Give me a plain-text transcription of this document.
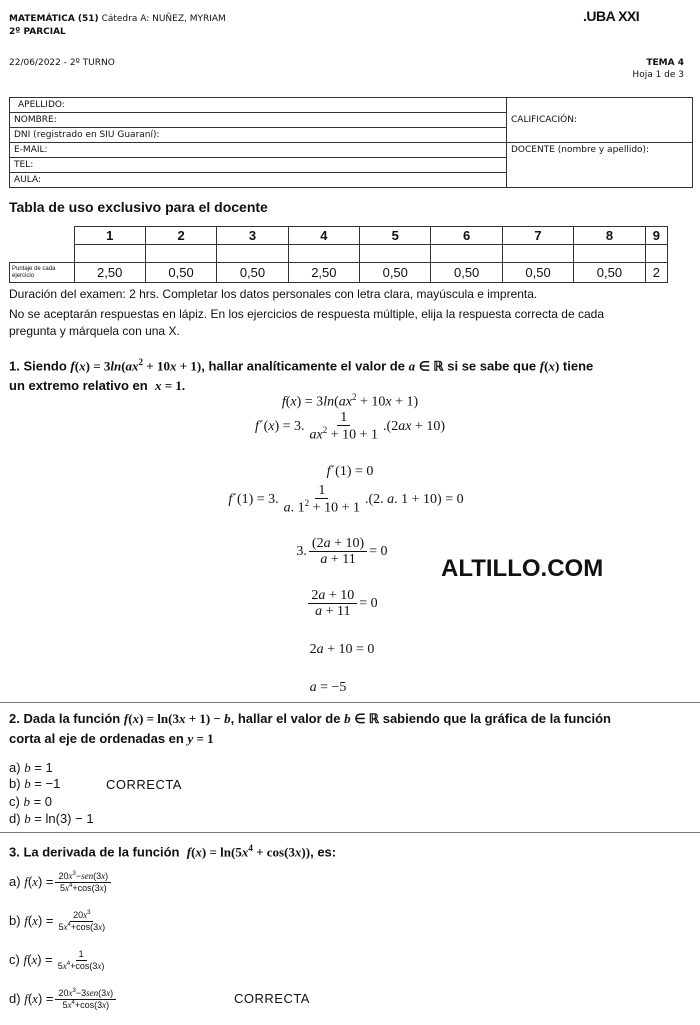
MATEMÁTICA (51) Cátedra A: NUÑEZ, MYRIAM
2º PARCIAL
22/06/2022 - 2º TURNO
.UBA XXI
TEMA 4
Hoja 1 de 3
APELLIDO:	CALIFICACIÓN:
NOMBRE:	
DNI (registrado en SIU Guaraní):	
E-MAIL:	DOCENTE (nombre y apellido):
TEL:	
AULA:	
Tabla de uso exclusivo para el docente
	1	2	3	4	5	6	7	8	9

Puntaje de cada ejercicio	2,50	0,50	0,50	2,50	0,50	0,50	0,50	0,50	2
Duración del examen: 2 hrs. Completar los datos personales con letra clara, mayúscula e imprenta.
No se aceptarán respuestas en lápiz. En los ejercicios de respuesta múltiple, elija la respuesta correcta de cada
pregunta y márquela con una X.
1. Siendo $f(x) = 3\ln(ax^2 + 10x + 1)$, hallar analíticamente el valor de a ∈ ℝ si se sabe que f(x) tiene
un extremo relativo en x = 1.
$f(x) = 3\ln(ax^2 + 10x + 1)$
f´(x) = 3. $\frac{1}{ax^2 + 10 + 1} .(2ax + 10)$
f´(1) = 0
f´(1) = 3. $\frac{1}{a. 1^2 + 10 + 1} .(2$. a. 1 + 10) = 0
3. $\frac{(2a + 10)}{a + 11} = 0$
$\frac{2a + 10}{a + 11} = 0$
2a + 10 = 0
a = −5
ALTILLO.COM
2. Dada la función f(x) = ln(3x + 1) − b, hallar el valor de b ∈ ℝ sabiendo que la gráfica de la función
corta al eje de ordenadas en y = 1
a) b = 1
b) b = −1	CORRECTA
c) b = 0
d) b = ln(3) − 1
3. La derivada de la función $f(x) = \ln(5x^4 + \cos(3x))$, es:
a) $f(x) = \frac{20x^3-sen(3x)}{5x^4+\cos(3x)}$
b) $f(x) = \frac{20x^3}{5x^4+\cos(3x)}$
c) $f(x) = \frac{1}{5x^4+\cos(3x)}$
d) $f(x) = \frac{20x^3-3sen(3x)}{5x^4+\cos(3x)}$	CORRECTA
